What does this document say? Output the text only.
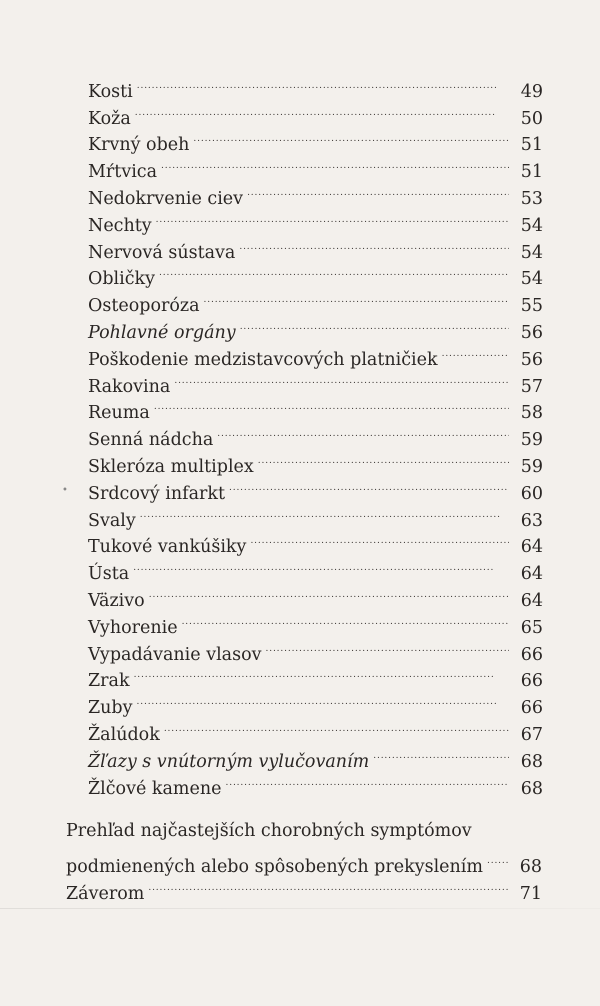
Kosti . . .	49
Koža . . .	50
Krvný obeh . . .	51
Mŕtvica . . .	51
Nedokrvenie ciev . . .	53
Nechty . . .	54
Nervová sústava . . .	54
Obličky . . .	54
Osteoporóza . . .	55
Pohlavné orgány . . .	56
Poškodenie medzistavcových platničiek . . .	56
Rakovina . . .	57
Reuma . . .	58
Senná nádcha . . .	59
Skleróza multiplex . . .	59
Srdcový infarkt . . .	60
Svaly . . .	63
Tukové vankúšiky . . .	64
Ústa . . .	64
Väzivo . . .	64
Vyhorenie . . .	65
Vypadávanie vlasov . . .	66
Zrak . . .	66
Zuby . . .	66
Žalúdok . . .	67
Žľazy s vnútorným vylučovaním . . .	68
Žlčové kamene . . .	68
•
Prehľad najčastejších chorobných symptómov
podmienených alebo spôsobených prekyslením . . .	68
Záverom . . .	71
